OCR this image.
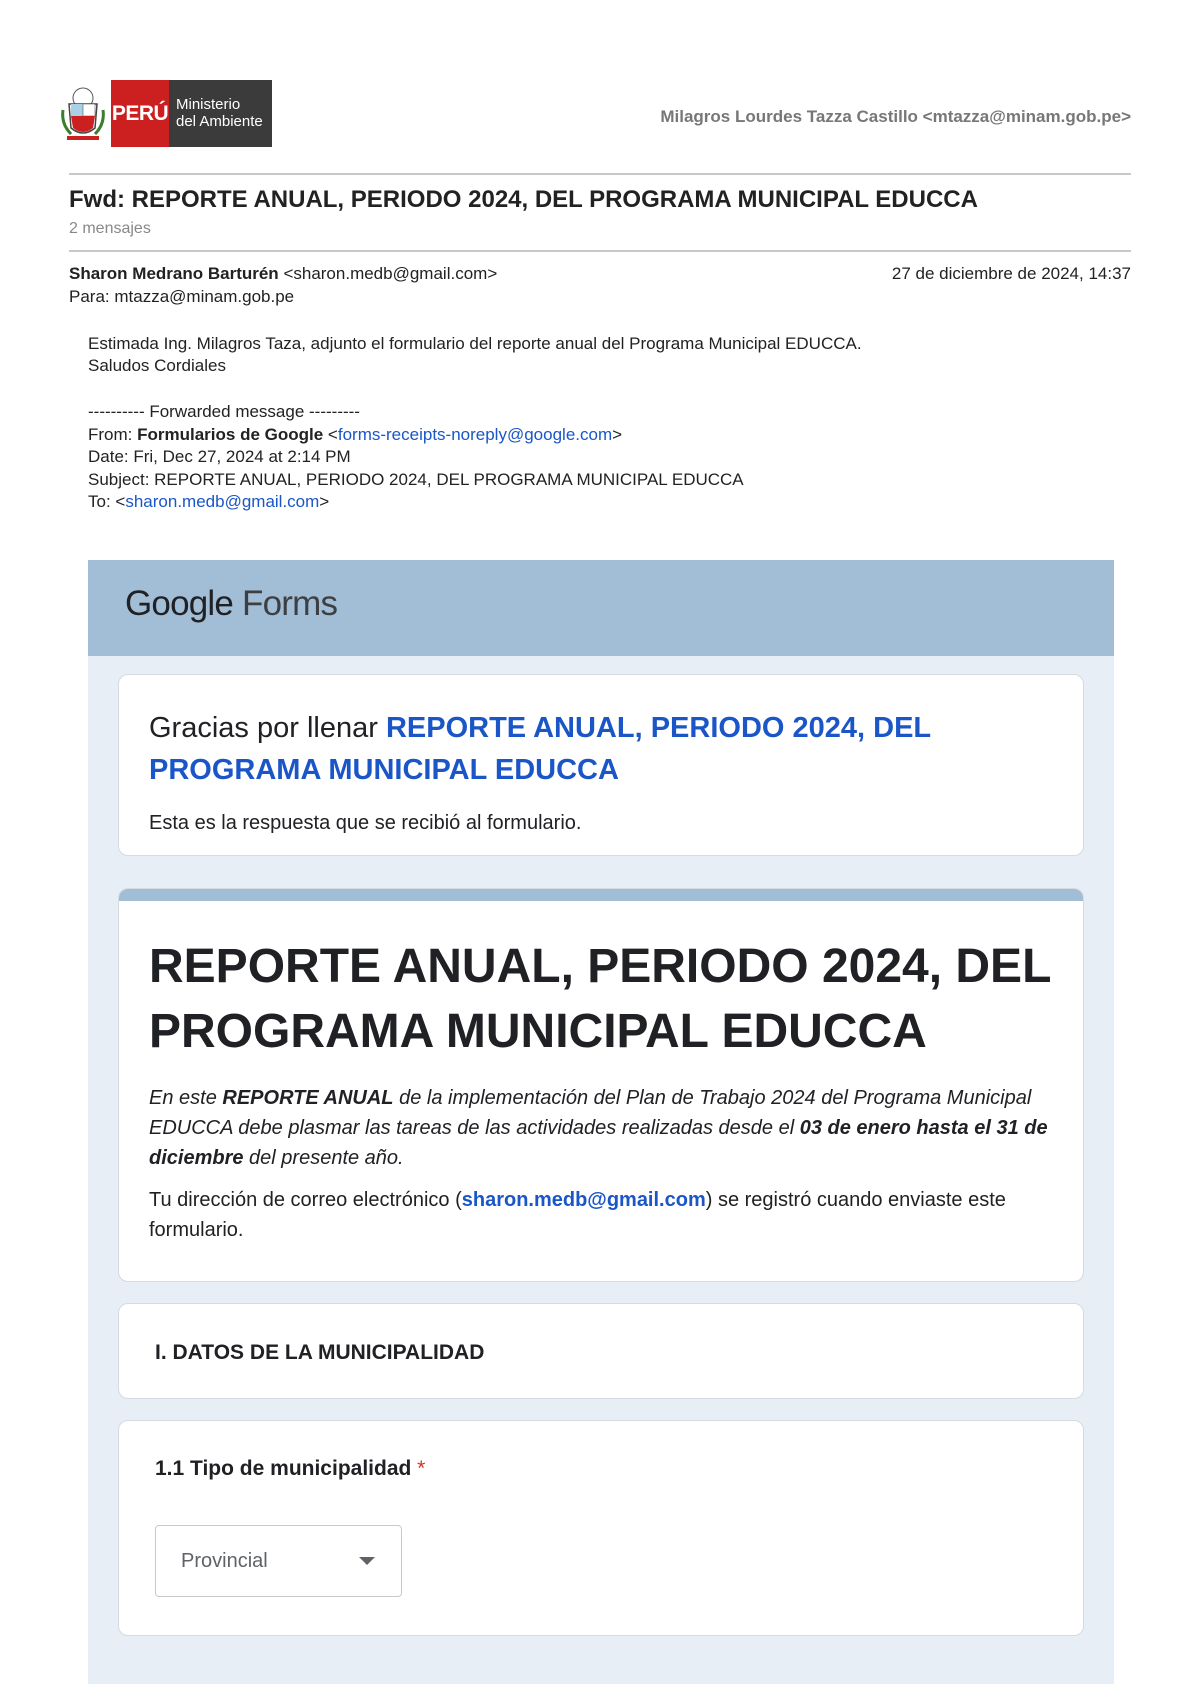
PERÚ Ministerio
del Ambiente	Milagros Lourdes Tazza Castillo <mtazza@minam.gob.pe>
Fwd: REPORTE ANUAL, PERIODO 2024, DEL PROGRAMA MUNICIPAL EDUCCA
2 mensajes
Sharon Medrano Barturén <sharon.medb@gmail.com>	27 de diciembre de 2024, 14:37
Para: mtazza@minam.gob.pe
Estimada Ing. Milagros Taza, adjunto el formulario del reporte anual del Programa Municipal EDUCCA.
Saludos Cordiales
---------- Forwarded message ---------
From: Formularios de Google <forms-receipts-noreply@google.com>
Date: Fri, Dec 27, 2024 at 2:14 PM
Subject: REPORTE ANUAL, PERIODO 2024, DEL PROGRAMA MUNICIPAL EDUCCA
To: <sharon.medb@gmail.com>
Google Forms
Gracias por llenar REPORTE ANUAL, PERIODO 2024, DEL PROGRAMA MUNICIPAL EDUCCA
Esta es la respuesta que se recibió al formulario.
REPORTE ANUAL, PERIODO 2024, DEL PROGRAMA MUNICIPAL EDUCCA
En este REPORTE ANUAL de la implementación del Plan de Trabajo 2024 del Programa Municipal EDUCCA debe plasmar las tareas de las actividades realizadas desde el 03 de enero hasta el 31 de diciembre del presente año.
Tu dirección de correo electrónico (sharon.medb@gmail.com) se registró cuando enviaste este formulario.
I. DATOS DE LA MUNICIPALIDAD
1.1 Tipo de municipalidad *
Provincial
